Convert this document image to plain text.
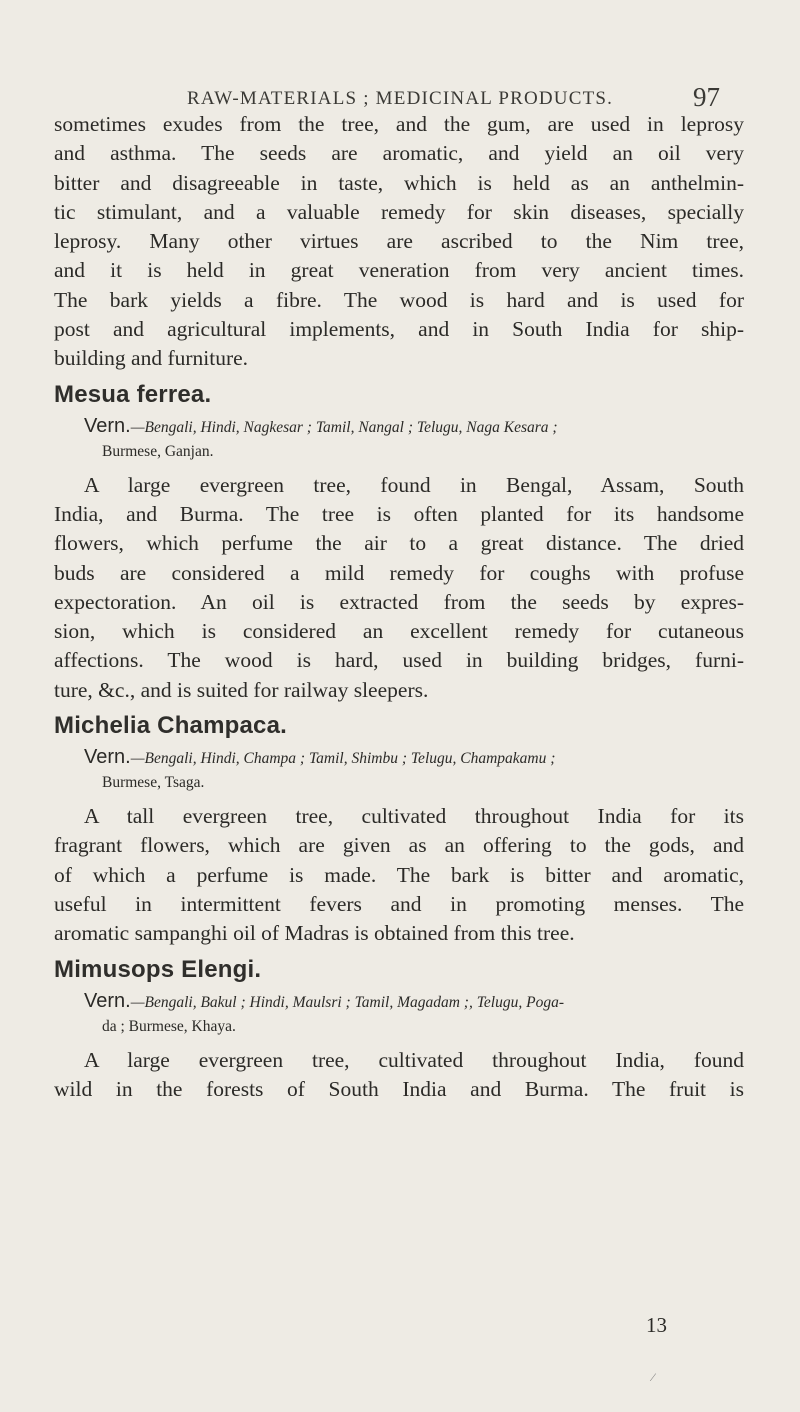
RAW-MATERIALS ; MEDICINAL PRODUCTS.	97
sometimes exudes from the tree, and the gum, are used in leprosy
and asthma. The seeds are aromatic, and yield an oil very
bitter and disagreeable in taste, which is held as an anthelmin-
tic stimulant, and a valuable remedy for skin diseases, specially
leprosy. Many other virtues are ascribed to the Nim tree,
and it is held in great veneration from very ancient times.
The bark yields a fibre. The wood is hard and is used for
post and agricultural implements, and in South India for ship-
building and furniture.
Mesua ferrea.
Vern.—Bengali, Hindi, Nagkesar ; Tamil, Nangal ; Telugu, Naga Kesara ;
Burmese, Ganjan.
A large evergreen tree, found in Bengal, Assam, South
India, and Burma. The tree is often planted for its handsome
flowers, which perfume the air to a great distance. The dried
buds are considered a mild remedy for coughs with profuse
expectoration. An oil is extracted from the seeds by expres-
sion, which is considered an excellent remedy for cutaneous
affections. The wood is hard, used in building bridges, furni-
ture, &c., and is suited for railway sleepers.
Michelia Champaca.
Vern.—Bengali, Hindi, Champa ; Tamil, Shimbu ; Telugu, Champakamu ;
Burmese, Tsaga.
A tall evergreen tree, cultivated throughout India for its
fragrant flowers, which are given as an offering to the gods, and
of which a perfume is made. The bark is bitter and aromatic,
useful in intermittent fevers and in promoting menses. The
aromatic sampanghi oil of Madras is obtained from this tree.
Mimusops Elengi.
Vern.—Bengali, Bakul ; Hindi, Maulsri ; Tamil, Magadam ;, Telugu, Poga-
da ; Burmese, Khaya.
A large evergreen tree, cultivated throughout India, found
wild in the forests of South India and Burma. The fruit is
13
⁄
